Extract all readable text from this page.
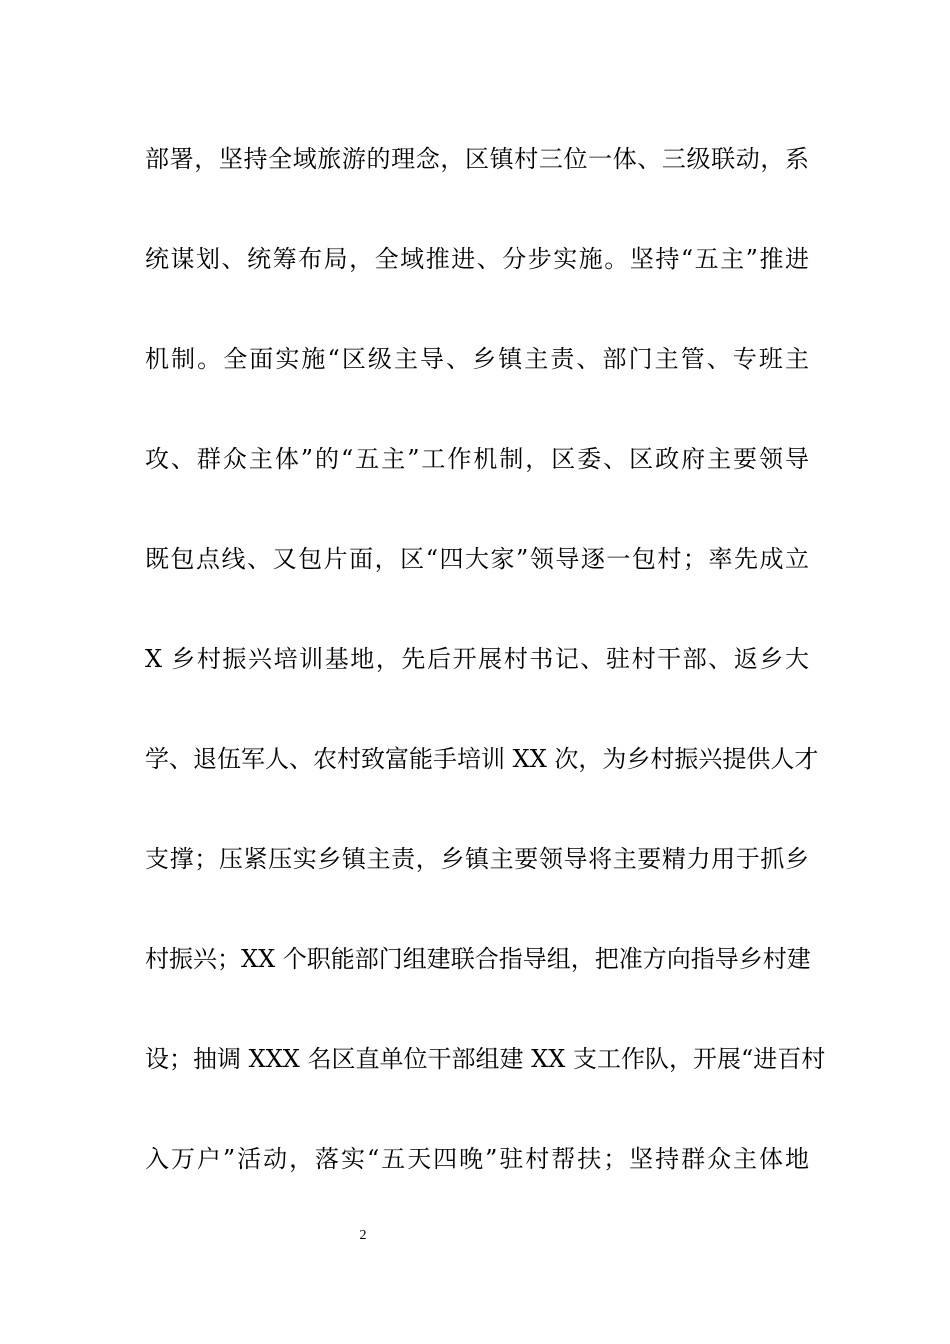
部署，坚持全域旅游的理念，区镇村三位一体、三级联动，系
统谋划、统筹布局，全域推进、分步实施。坚持“五主”推进
机制。全面实施“区级主导、乡镇主责、部门主管、专班主
攻、群众主体”的“五主”工作机制，区委、区政府主要领导
既包点线、又包片面，区“四大家”领导逐一包村；率先成立
X 乡村振兴培训基地，先后开展村书记、驻村干部、返乡大
学、退伍军人、农村致富能手培训 XX 次，为乡村振兴提供人才
支撑；压紧压实乡镇主责，乡镇主要领导将主要精力用于抓乡
村振兴；XX 个职能部门组建联合指导组，把准方向指导乡村建
设；抽调 XXX 名区直单位干部组建 XX 支工作队，开展“进百村
入万户”活动，落实“五天四晚”驻村帮扶；坚持群众主体地
2
